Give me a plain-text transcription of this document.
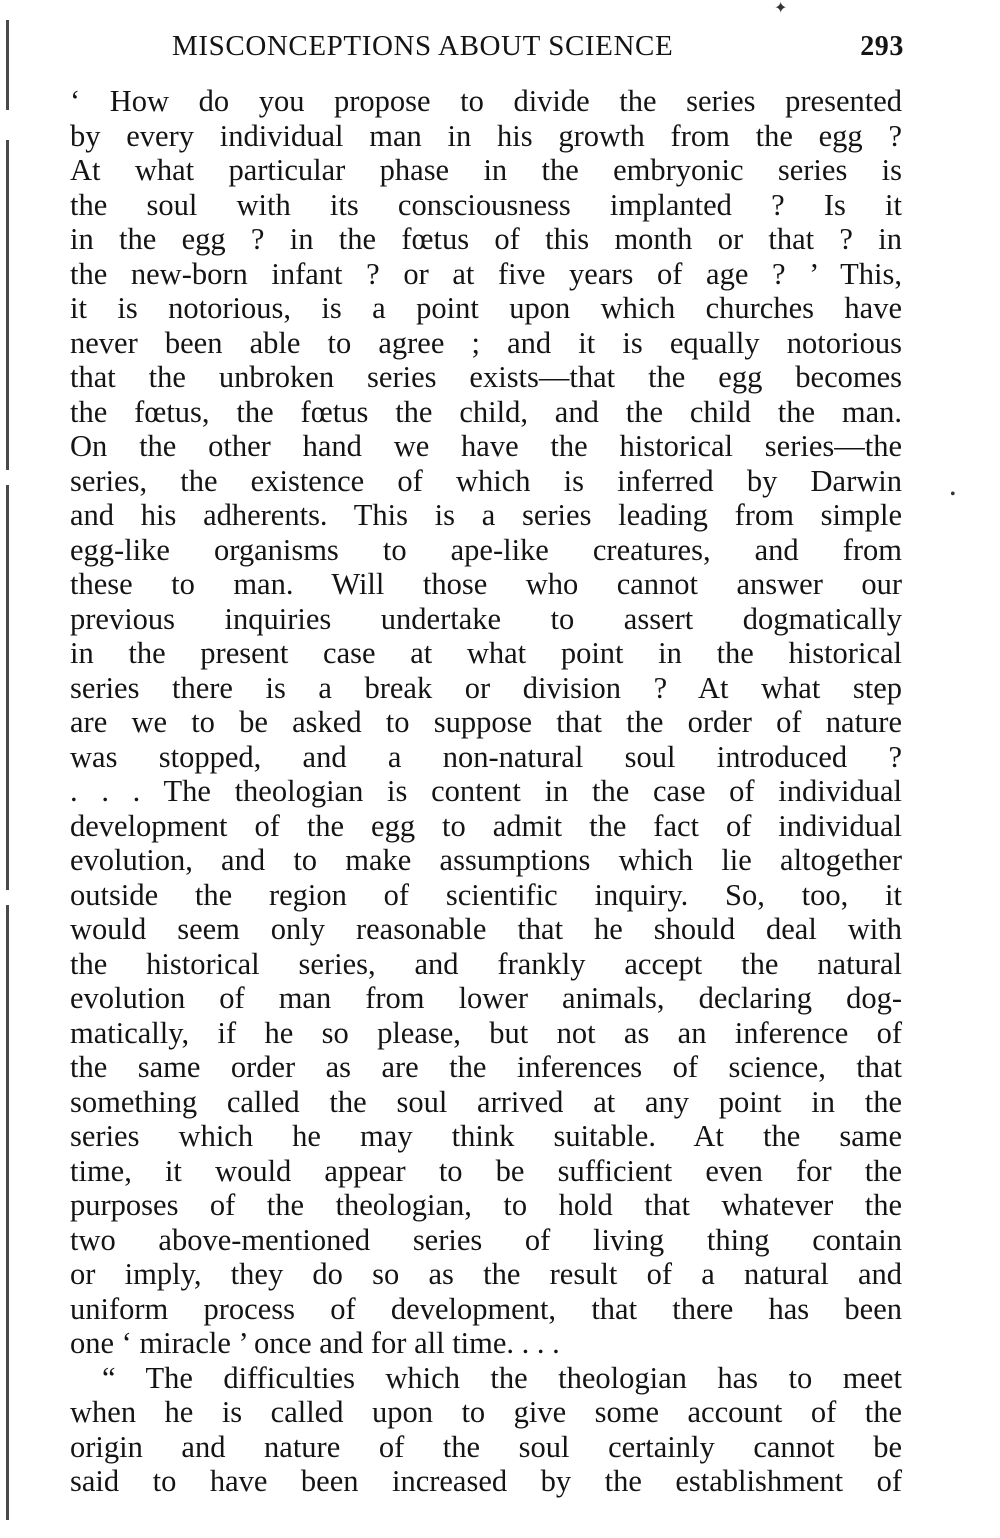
✦
•
MISCONCEPTIONS ABOUT SCIENCE	293
‘ How do you propose to divide the series presented
by every individual man in his growth from the egg ?
At what particular phase in the embryonic series is
the soul with its consciousness implanted ? Is it
in the egg ? in the fœtus of this month or that ? in
the new-born infant ? or at five years of age ? ’ This,
it is notorious, is a point upon which churches have
never been able to agree ; and it is equally notorious
that the unbroken series exists—that the egg becomes
the fœtus, the fœtus the child, and the child the man.
On the other hand we have the historical series—the
series, the existence of which is inferred by Darwin
and his adherents. This is a series leading from simple
egg-like organisms to ape-like creatures, and from
these to man. Will those who cannot answer our
previous inquiries undertake to assert dogmatically
in the present case at what point in the historical
series there is a break or division ? At what step
are we to be asked to suppose that the order of nature
was stopped, and a non-natural soul introduced ?
. . . The theologian is content in the case of individual
development of the egg to admit the fact of individual
evolution, and to make assumptions which lie altogether
outside the region of scientific inquiry. So, too, it
would seem only reasonable that he should deal with
the historical series, and frankly accept the natural
evolution of man from lower animals, declaring dog-
matically, if he so please, but not as an inference of
the same order as are the inferences of science, that
something called the soul arrived at any point in the
series which he may think suitable. At the same
time, it would appear to be sufficient even for the
purposes of the theologian, to hold that whatever the
two above-mentioned series of living thing contain
or imply, they do so as the result of a natural and
uniform process of development, that there has been
one ‘ miracle ’ once and for all time. . . .
“ The difficulties which the theologian has to meet
when he is called upon to give some account of the
origin and nature of the soul certainly cannot be
said to have been increased by the establishment of
